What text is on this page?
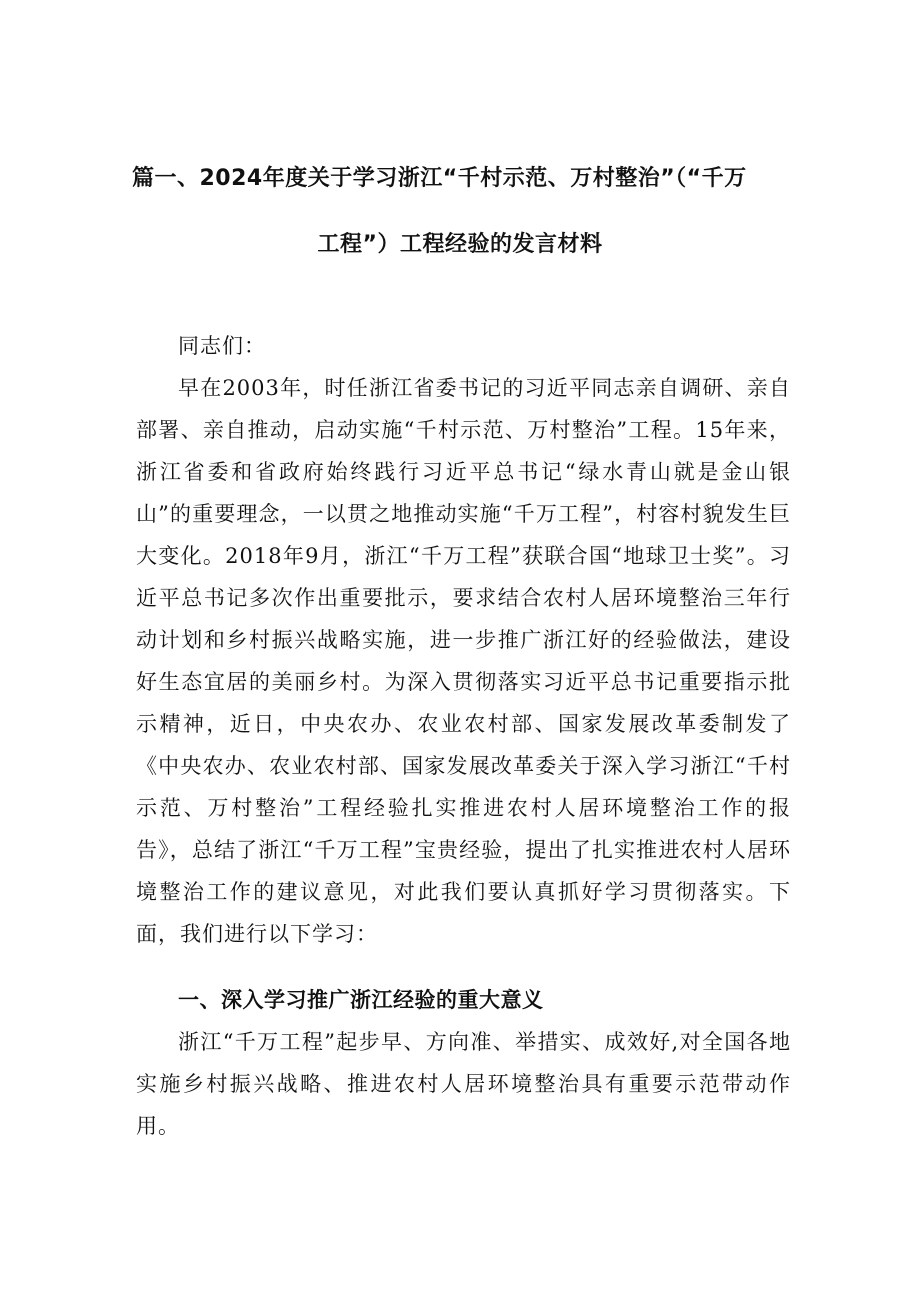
篇一、2024年度关于学习浙江“千村示范、万村整治”（“千万
工程”）工程经验的发言材料
同志们：
早在2003年，时任浙江省委书记的习近平同志亲自调研、亲自部署、亲自推动，启动实施“千村示范、万村整治”工程。15年来，浙江省委和省政府始终践行习近平总书记“绿水青山就是金山银山”的重要理念，一以贯之地推动实施“千万工程”，村容村貌发生巨大变化。2018年9月，浙江“千万工程”获联合国“地球卫士奖”。习近平总书记多次作出重要批示，要求结合农村人居环境整治三年行动计划和乡村振兴战略实施，进一步推广浙江好的经验做法，建设好生态宜居的美丽乡村。为深入贯彻落实习近平总书记重要指示批示精神，近日，中央农办、农业农村部、国家发展改革委制发了《中央农办、农业农村部、国家发展改革委关于深入学习浙江“千村示范、万村整治”工程经验扎实推进农村人居环境整治工作的报告》，总结了浙江“千万工程”宝贵经验，提出了扎实推进农村人居环境整治工作的建议意见，对此我们要认真抓好学习贯彻落实。下面，我们进行以下学习：
一、深入学习推广浙江经验的重大意义
浙江“千万工程”起步早、方向准、举措实、成效好,对全国各地实施乡村振兴战略、推进农村人居环境整治具有重要示范带动作用。
